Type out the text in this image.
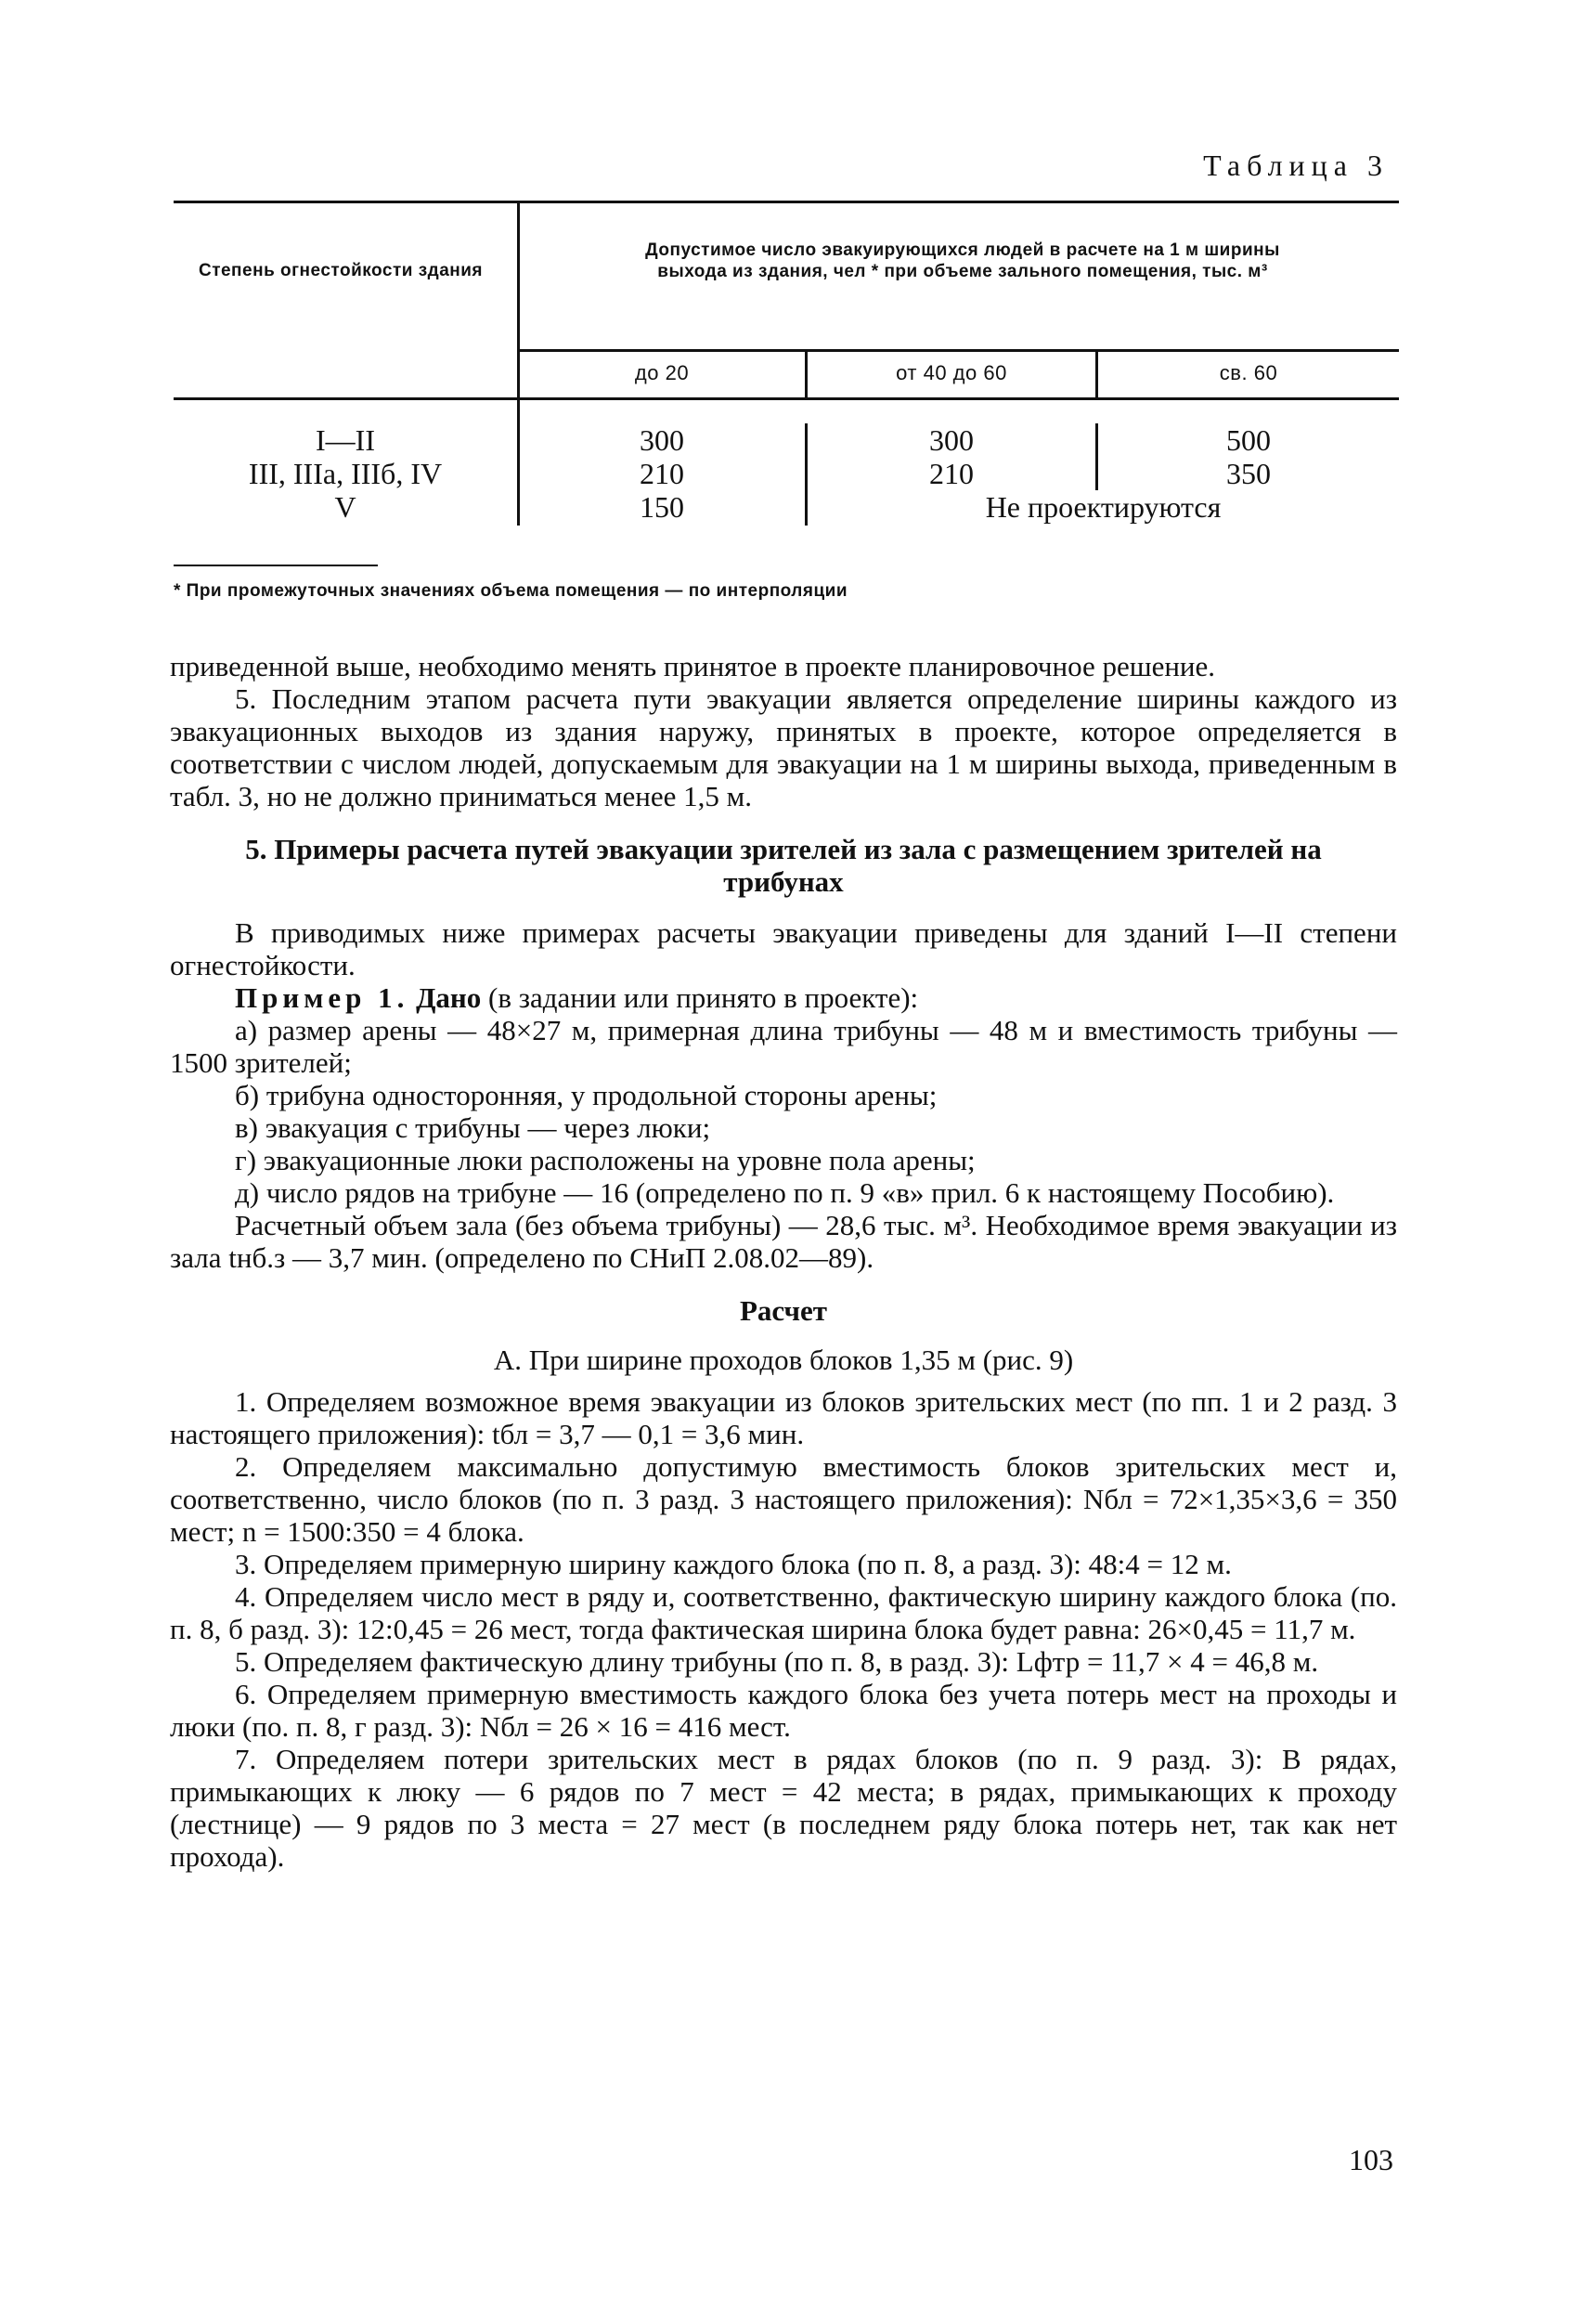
Таблица 3
Степень огнестойкости здания
Допустимое число эвакуирующихся людей в расчете на 1 м ширины выхода из здания, чел * при объеме зального помещения, тыс. м³
до 20	от 40 до 60	св. 60
I—II	300	300	500
III, IIIa, IIIб, IV	210	210	350
V	150	Не проектируются
* При промежуточных значениях объема помещения — по интерполяции

приведенной выше, необходимо менять принятое в проекте планировочное решение.

5. Последним этапом расчета пути эвакуации является определение ширины каждого из эвакуационных выходов из здания наружу, принятых в проекте, которое определяется в соответствии с числом людей, допускаемым для эвакуации на 1 м ширины выхода, приведенным в табл. 3, но не должно приниматься менее 1,5 м.

5. Примеры расчета путей эвакуации зрителей из зала с размещением зрителей на трибунах

В приводимых ниже примерах расчеты эвакуации приведены для зданий I—II степени огнестойкости.

Пример 1. Дано (в задании или принято в проекте):

а) размер арены — 48×27 м, примерная длина трибуны — 48 м и вместимость трибуны — 1500 зрителей;

б) трибуна односторонняя, у продольной стороны арены;

в) эвакуация с трибуны — через люки;

г) эвакуационные люки расположены на уровне пола арены;

д) число рядов на трибуне — 16 (определено по п. 9 «в» прил. 6 к настоящему Пособию).

Расчетный объем зала (без объема трибуны) — 28,6 тыс. м³. Необходимое время эвакуации из зала tнб.з — 3,7 мин. (определено по СНиП 2.08.02—89).

Расчет

А. При ширине проходов блоков 1,35 м (рис. 9)

1. Определяем возможное время эвакуации из блоков зрительских мест (по пп. 1 и 2 разд. 3 настоящего приложения): tбл = 3,7 — 0,1 = 3,6 мин.

2. Определяем максимально допустимую вместимость блоков зрительских мест и, соответственно, число блоков (по п. 3 разд. 3 настоящего приложения): Nбл = 72×1,35×3,6 = 350 мест; n = 1500:350 = 4 блока.

3. Определяем примерную ширину каждого блока (по п. 8, а разд. 3): 48:4 = 12 м.

4. Определяем число мест в ряду и, соответственно, фактическую ширину каждого блока (по. п. 8, б разд. 3): 12:0,45 = 26 мест, тогда фактическая ширина блока будет равна: 26×0,45 = 11,7 м.

5. Определяем фактическую длину трибуны (по п. 8, в разд. 3): Lфтр = 11,7 × 4 = 46,8 м.

6. Определяем примерную вместимость каждого блока без учета потерь мест на проходы и люки (по. п. 8, г разд. 3): Nбл = 26 × 16 = 416 мест.

7. Определяем потери зрительских мест в рядах блоков (по п. 9 разд. 3): В рядах, примыкающих к люку — 6 рядов по 7 мест = 42 места; в рядах, примыкающих к проходу (лестнице) — 9 рядов по 3 места = 27 мест (в последнем ряду блока потерь нет, так как нет прохода).

103
